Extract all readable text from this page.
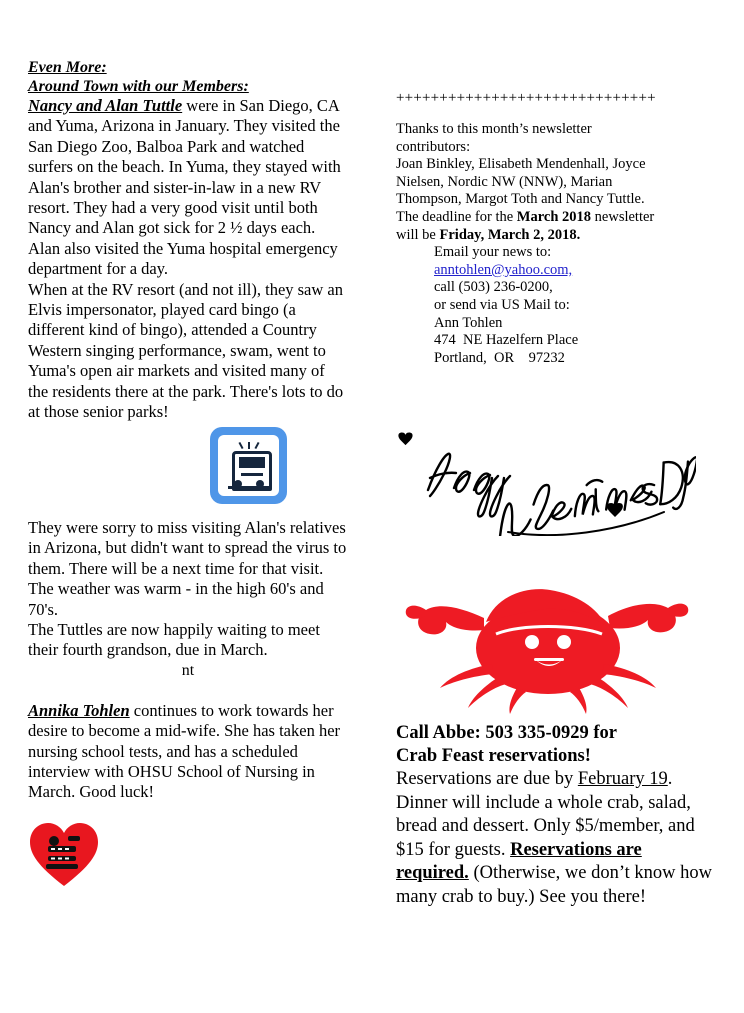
Even More:
Around Town with our Members:

Nancy and Alan Tuttle were in San Diego, CA and Yuma, Arizona in January. They visited the San Diego Zoo, Balboa Park and watched surfers on the beach. In Yuma, they stayed with Alan's brother and sister-in-law in a new RV resort. They had a very good visit until both Nancy and Alan got sick for 2 ½ days each. Alan also visited the Yuma hospital emergency department for a day.

When at the RV resort (and not ill), they saw an Elvis impersonator, played card bingo (a different kind of bingo), attended a Country Western singing performance, swam, went to Yuma's open air markets and visited many of the residents there at the park. There's lots to do at those senior parks!

They were sorry to miss visiting Alan's relatives in Arizona, but didn't want to spread the virus to them. There will be a next time for that visit. The weather was warm - in the high 60's and 70's.

The Tuttles are now happily waiting to meet their fourth grandson, due in March.

nt

Annika Tohlen continues to work towards her desire to become a mid-wife. She has taken her nursing school tests, and has a scheduled interview with OHSU School of Nursing in March. Good luck!

++++++++++++++++++++++++++++++
Thanks to this month’s newsletter
contributors:
Joan Binkley, Elisabeth Mendenhall, Joyce
Nielsen, Nordic NW (NNW), Marian
Thompson, Margot Toth and Nancy Tuttle.
The deadline for the March 2018 newsletter
will be Friday, March 2, 2018.
Email your news to:
anntohlen@yahoo.com,
call (503) 236-0200,
or send via US Mail to:
Ann Tohlen
474  NE Hazelfern Place
Portland,  OR    97232
Call Abbe: 503 335-0929 for
Crab Feast reservations!
Reservations are due by February 19. Dinner will include a whole crab, salad, bread and dessert. Only $5/member, and $15 for guests. Reservations are required. (Otherwise, we don’t know how many crab to buy.) See you there!
